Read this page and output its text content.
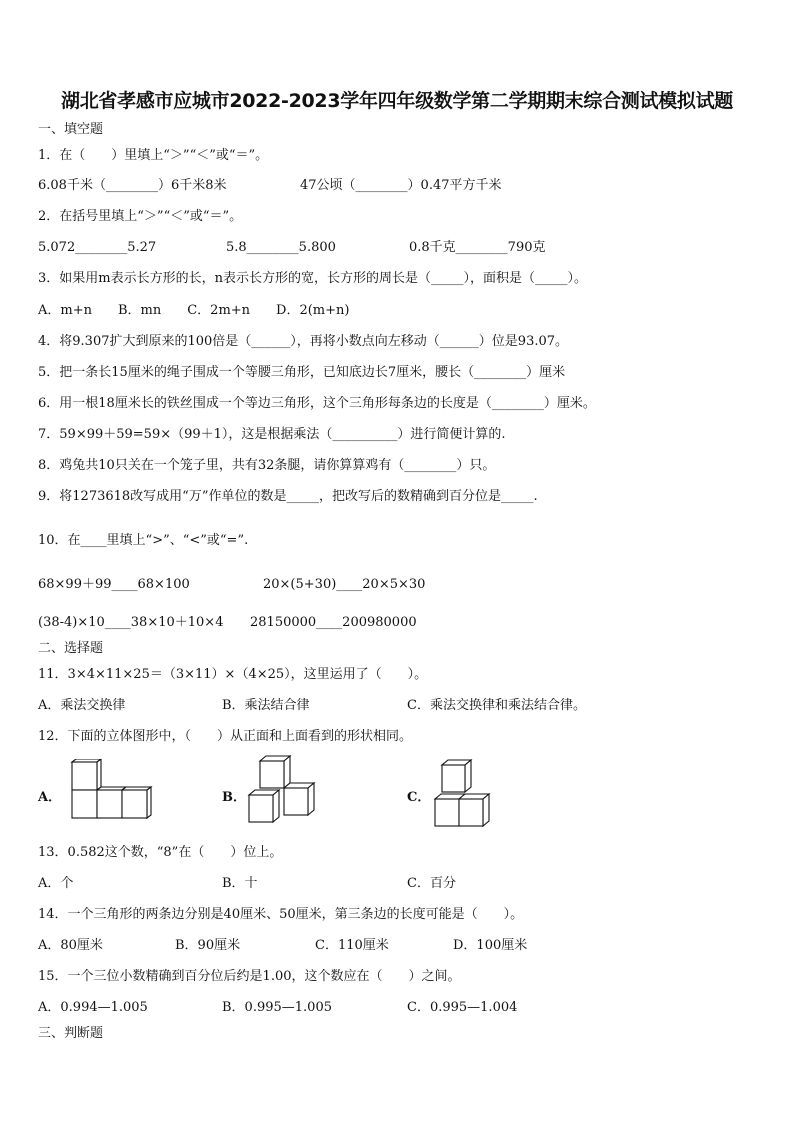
湖北省孝感市应城市2022-2023学年四年级数学第二学期期末综合测试模拟试题
一、填空题
1．在（　　）里填上“＞”“＜”或“＝”。
6.08千米（________）6千米8米	47公顷（________）0.47平方千米
2．在括号里填上“＞”“＜”或“＝”。
5.072________5.27	5.8________5.800	0.8千克________790克
3．如果用m表示长方形的长，n表示长方形的宽，长方形的周长是（_____），面积是（_____）。
A．m+n　　B．mn　　C．2m+n　　D．2(m+n)
4．将9.307扩大到原来的100倍是（______），再将小数点向左移动（______）位是93.07。
5．把一条长15厘米的绳子围成一个等腰三角形，已知底边长7厘米，腰长（________）厘米
6．用一根18厘米长的铁丝围成一个等边三角形，这个三角形每条边的长度是（________）厘米。
7．59×99＋59=59×（99＋1），这是根据乘法（__________）进行简便计算的.
8．鸡兔共10只关在一个笼子里，共有32条腿，请你算算鸡有（________）只。
9．将1273618改写成用“万”作单位的数是_____，把改写后的数精确到百分位是_____.
10．在____里填上“>”、“<”或“=”.
68×99＋99____68×100	20×(5+30)____20×5×30
(38-4)×10____38×10＋10×4 28150000____200980000
二、选择题
11．3×4×11×25＝（3×11）×（4×25），这里运用了（　　）。
A．乘法交换律	B．乘法结合律	C．乘法交换律和乘法结合律。
12．下面的立体图形中，（　　）从正面和上面看到的形状相同。
A．	B．	C．
13．0.582这个数，“8”在（　　）位上。
A．个	B．十	C．百分
14．一个三角形的两条边分别是40厘米、50厘米，第三条边的长度可能是（　　）。
A．80厘米	B．90厘米	C．110厘米	D．100厘米
15．一个三位小数精确到百分位后约是1.00，这个数应在（　　）之间。
A．0.994—1.005	B．0.995—1.005	C．0.995—1.004
三、判断题
